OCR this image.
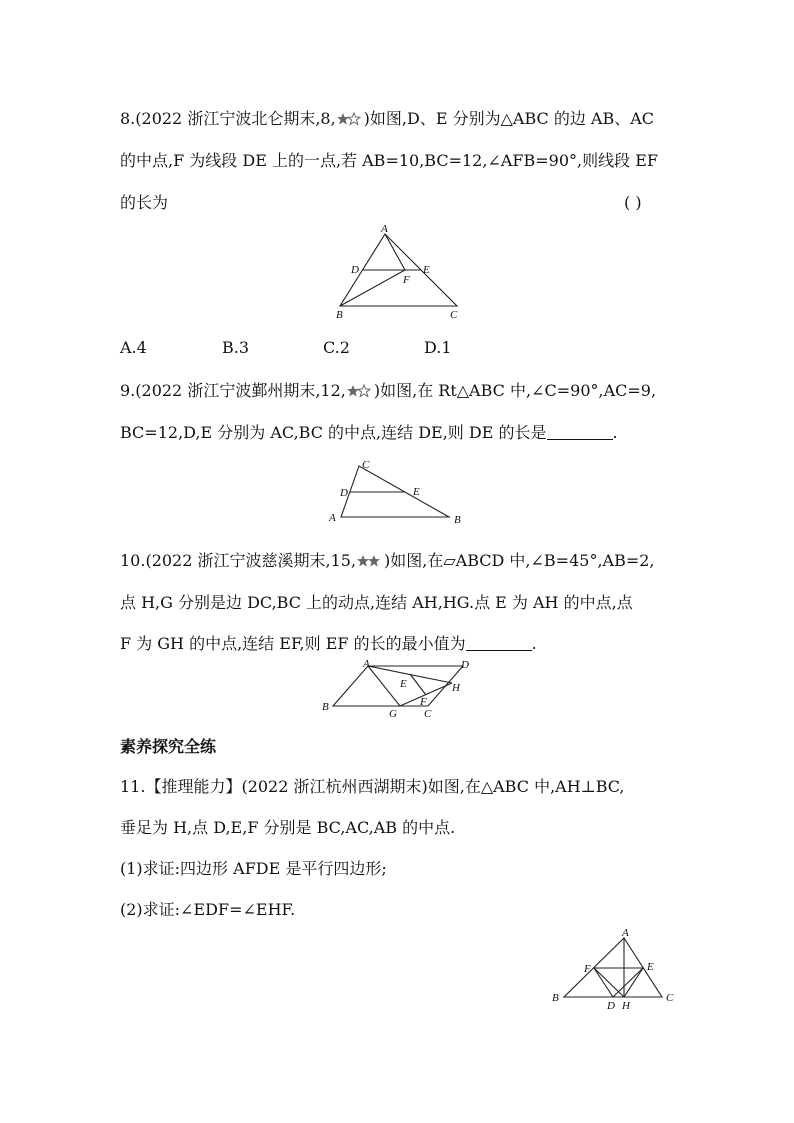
8.(2022 浙江宁波北仑期末,8, )如图,D、E 分别为△ABC 的边 AB、AC
的中点,F 为线段 DE 上的一点,若 AB=10,BC=12,∠AFB=90°,则线段 EF
的长为	( )
A
B	C
D	E
F
A.4	B.3	C.2	D.1
9.(2022 浙江宁波鄞州期末,12, )如图,在 Rt△ABC 中,∠C=90°,AC=9,
BC=12,D,E 分别为 AC,BC 的中点,连结 DE,则 DE 的长是	.
C
D	E
A	B
10.(2022 浙江宁波慈溪期末,15, )如图,在▱ABCD 中,∠B=45°,AB=2,
点 H,G 分别是边 DC,BC 上的动点,连结 AH,HG.点 E 为 AH 的中点,点
F 为 GH 的中点,连结 EF,则 EF 的长的最小值为	.
A	D
E	H
F
B
G C
素养探究全练
11.【推理能力】(2022 浙江杭州西湖期末)如图,在△ABC 中,AH⊥BC,
垂足为 H,点 D,E,F 分别是 BC,AC,AB 的中点.
(1)求证:四边形 AFDE 是平行四边形;
(2)求证:∠EDF=∠EHF.
A
F	E
B	C
D H
